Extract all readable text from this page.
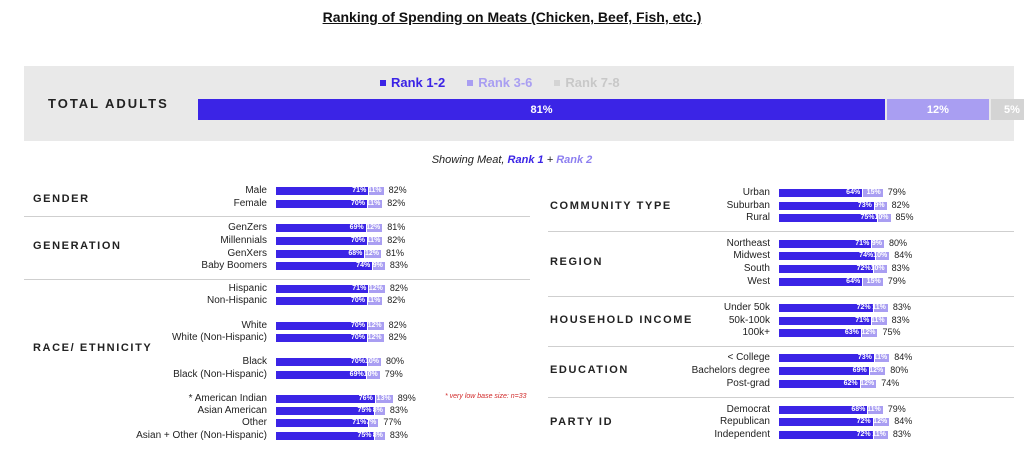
Ranking of Spending on Meats (Chicken, Beef, Fish, etc.)
TOTAL ADULTS
Rank 1-2	Rank 3-6	Rank 7-8
81%	12%	5%
Showing Meat, Rank 1 + Rank 2
GENDER
Male	71% 11% 82%
Female	70% 11% 82%
GENERATION
GenZers	69% 12% 81%
Millennials	70% 11% 82%
GenXers	68% 12% 81%
Baby Boomers	74% 9% 83%
RACE/ ETHNICITY
Hispanic	71% 12% 82%
Non-Hispanic	70% 11% 82%
White	70% 12% 82%
White (Non-Hispanic)	70% 12% 82%
Black	70% 10% 80%
Black (Non-Hispanic)	69% 10% 79%
* American Indian	76% 13% 89%
Asian American	75% 8% 83%
Other	71% 7% 77%
Asian + Other (Non-Hispanic)	75% 8% 83%
COMMUNITY TYPE
Urban	64% 15% 79%
Suburban	73% 9% 82%
Rural	75% 10% 85%
REGION
Northeast	71% 9% 80%
Midwest	74% 10% 84%
South	72% 10% 83%
West	64% 15% 79%
HOUSEHOLD INCOME
Under 50k	72% 11% 83%
50k-100k	71% 11% 83%
100k+	63% 12% 75%
EDUCATION
< College	73% 11% 84%
Bachelors degree	69% 12% 80%
Post-grad	62% 12% 74%
PARTY ID
Democrat	68% 11% 79%
Republican	72% 12% 84%
Independent	72% 11% 83%
* very low base size: n=33
